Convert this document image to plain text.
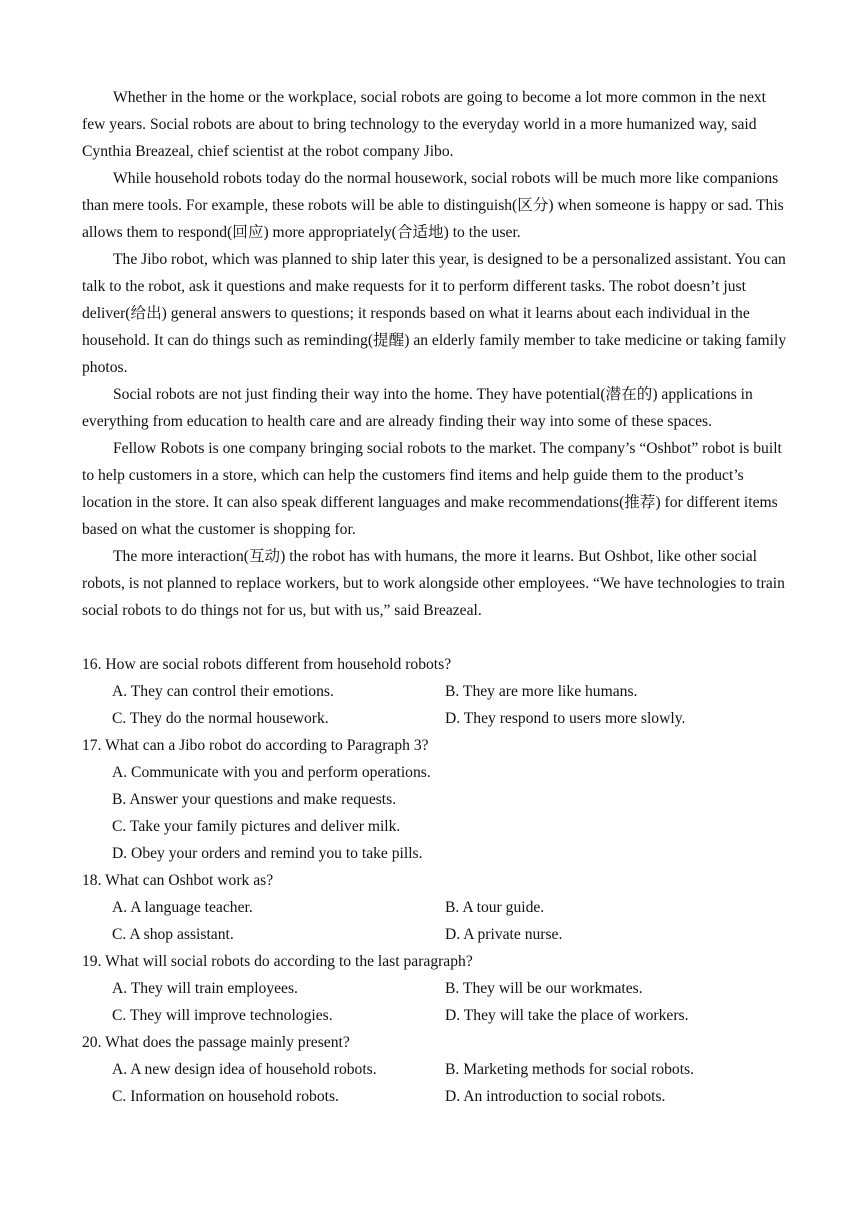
Whether in the home or the workplace, social robots are going to become a lot more common in the next few years. Social robots are about to bring technology to the everyday world in a more humanized way, said Cynthia Breazeal, chief scientist at the robot company Jibo.

While household robots today do the normal housework, social robots will be much more like companions than mere tools. For example, these robots will be able to distinguish(区分) when someone is happy or sad. This allows them to respond(回应) more appropriately(合适地) to the user.

The Jibo robot, which was planned to ship later this year, is designed to be a personalized assistant. You can talk to the robot, ask it questions and make requests for it to perform different tasks. The robot doesn’t just deliver(给出) general answers to questions; it responds based on what it learns about each individual in the household. It can do things such as reminding(提醒) an elderly family member to take medicine or taking family photos.

Social robots are not just finding their way into the home. They have potential(潜在的) applications in everything from education to health care and are already finding their way into some of these spaces.

Fellow Robots is one company bringing social robots to the market. The company’s “Oshbot” robot is built to help customers in a store, which can help the customers find items and help guide them to the product’s location in the store. It can also speak different languages and make recommendations(推荐) for different items based on what the customer is shopping for.

The more interaction(互动) the robot has with humans, the more it learns. But Oshbot, like other social robots, is not planned to replace workers, but to work alongside other employees. “We have technologies to train social robots to do things not for us, but with us,” said Breazeal.

16. How are social robots different from household robots?

A. They can control their emotions.	B. They are more like humans.
C. They do the normal housework.	D. They respond to users more slowly.

17. What can a Jibo robot do according to Paragraph 3?

A. Communicate with you and perform operations.
B. Answer your questions and make requests.
C. Take your family pictures and deliver milk.
D. Obey your orders and remind you to take pills.

18. What can Oshbot work as?

A. A language teacher.	B. A tour guide.
C. A shop assistant.	D. A private nurse.

19. What will social robots do according to the last paragraph?

A. They will train employees.	B. They will be our workmates.
C. They will improve technologies.	D. They will take the place of workers.

20. What does the passage mainly present?

A. A new design idea of household robots.	B. Marketing methods for social robots.
C. Information on household robots.	D. An introduction to social robots.
